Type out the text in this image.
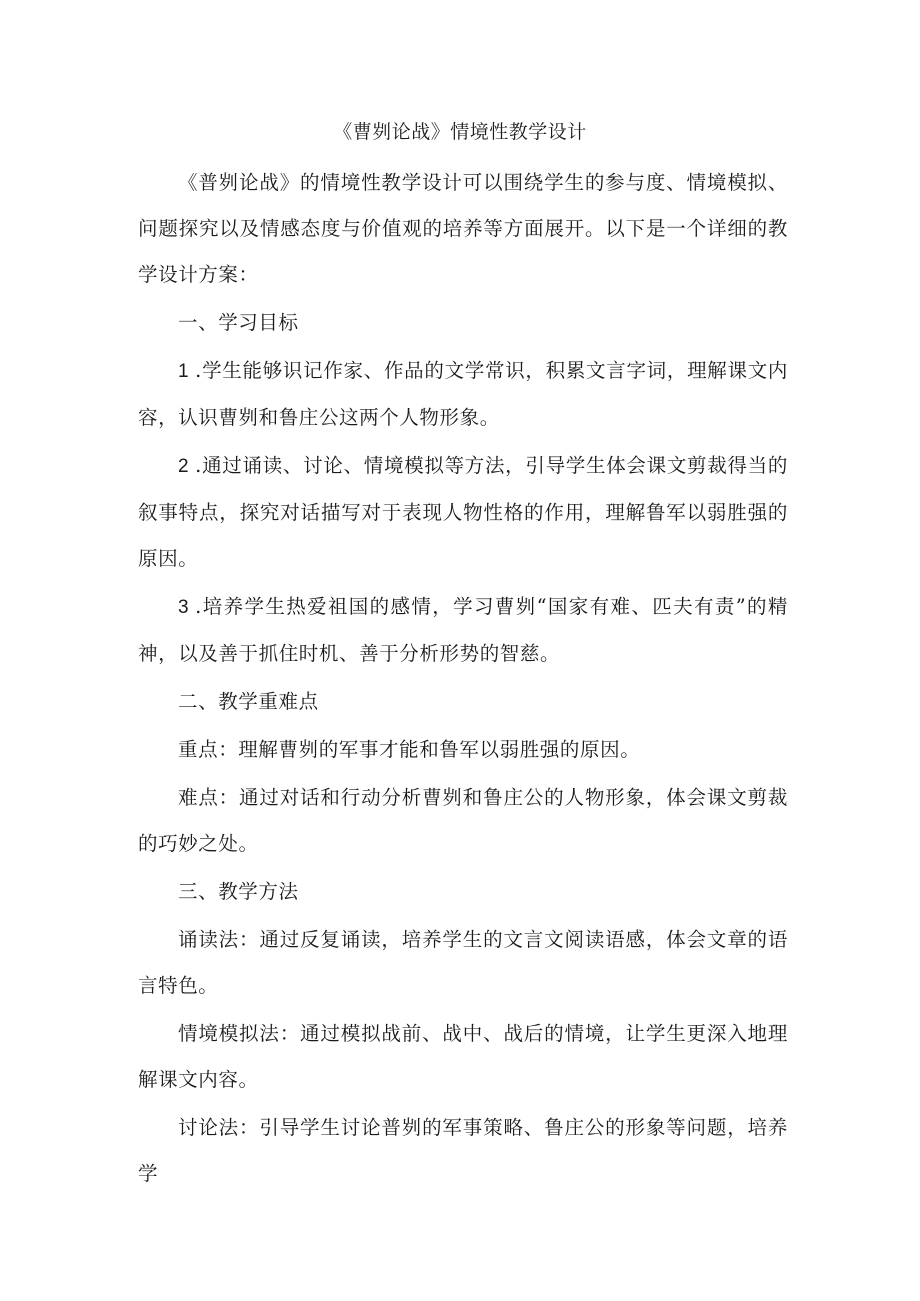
《曹刿论战》情境性教学设计

《普刿论战》的情境性教学设计可以围绕学生的参与度、情境模拟、问题探究以及情感态度与价值观的培养等方面展开。以下是一个详细的教学设计方案：

一、学习目标

1 .学生能够识记作家、作品的文学常识，积累文言字词，理解课文内容，认识曹刿和鲁庄公这两个人物形象。

2 .通过诵读、讨论、情境模拟等方法，引导学生体会课文剪裁得当的叙事特点，探究对话描写对于表现人物性格的作用，理解鲁军以弱胜强的原因。

3 .培养学生热爱祖国的感情，学习曹刿“国家有难、匹夫有责”的精神，以及善于抓住时机、善于分析形势的智慈。

二、教学重难点

重点：理解曹刿的军事才能和鲁军以弱胜强的原因。

难点：通过对话和行动分析曹刿和鲁庄公的人物形象，体会课文剪裁的巧妙之处。

三、教学方法

诵读法：通过反复诵读，培养学生的文言文阅读语感，体会文章的语言特色。

情境模拟法：通过模拟战前、战中、战后的情境，让学生更深入地理解课文内容。

讨论法：引导学生讨论普刿的军事策略、鲁庄公的形象等问题，培养学
